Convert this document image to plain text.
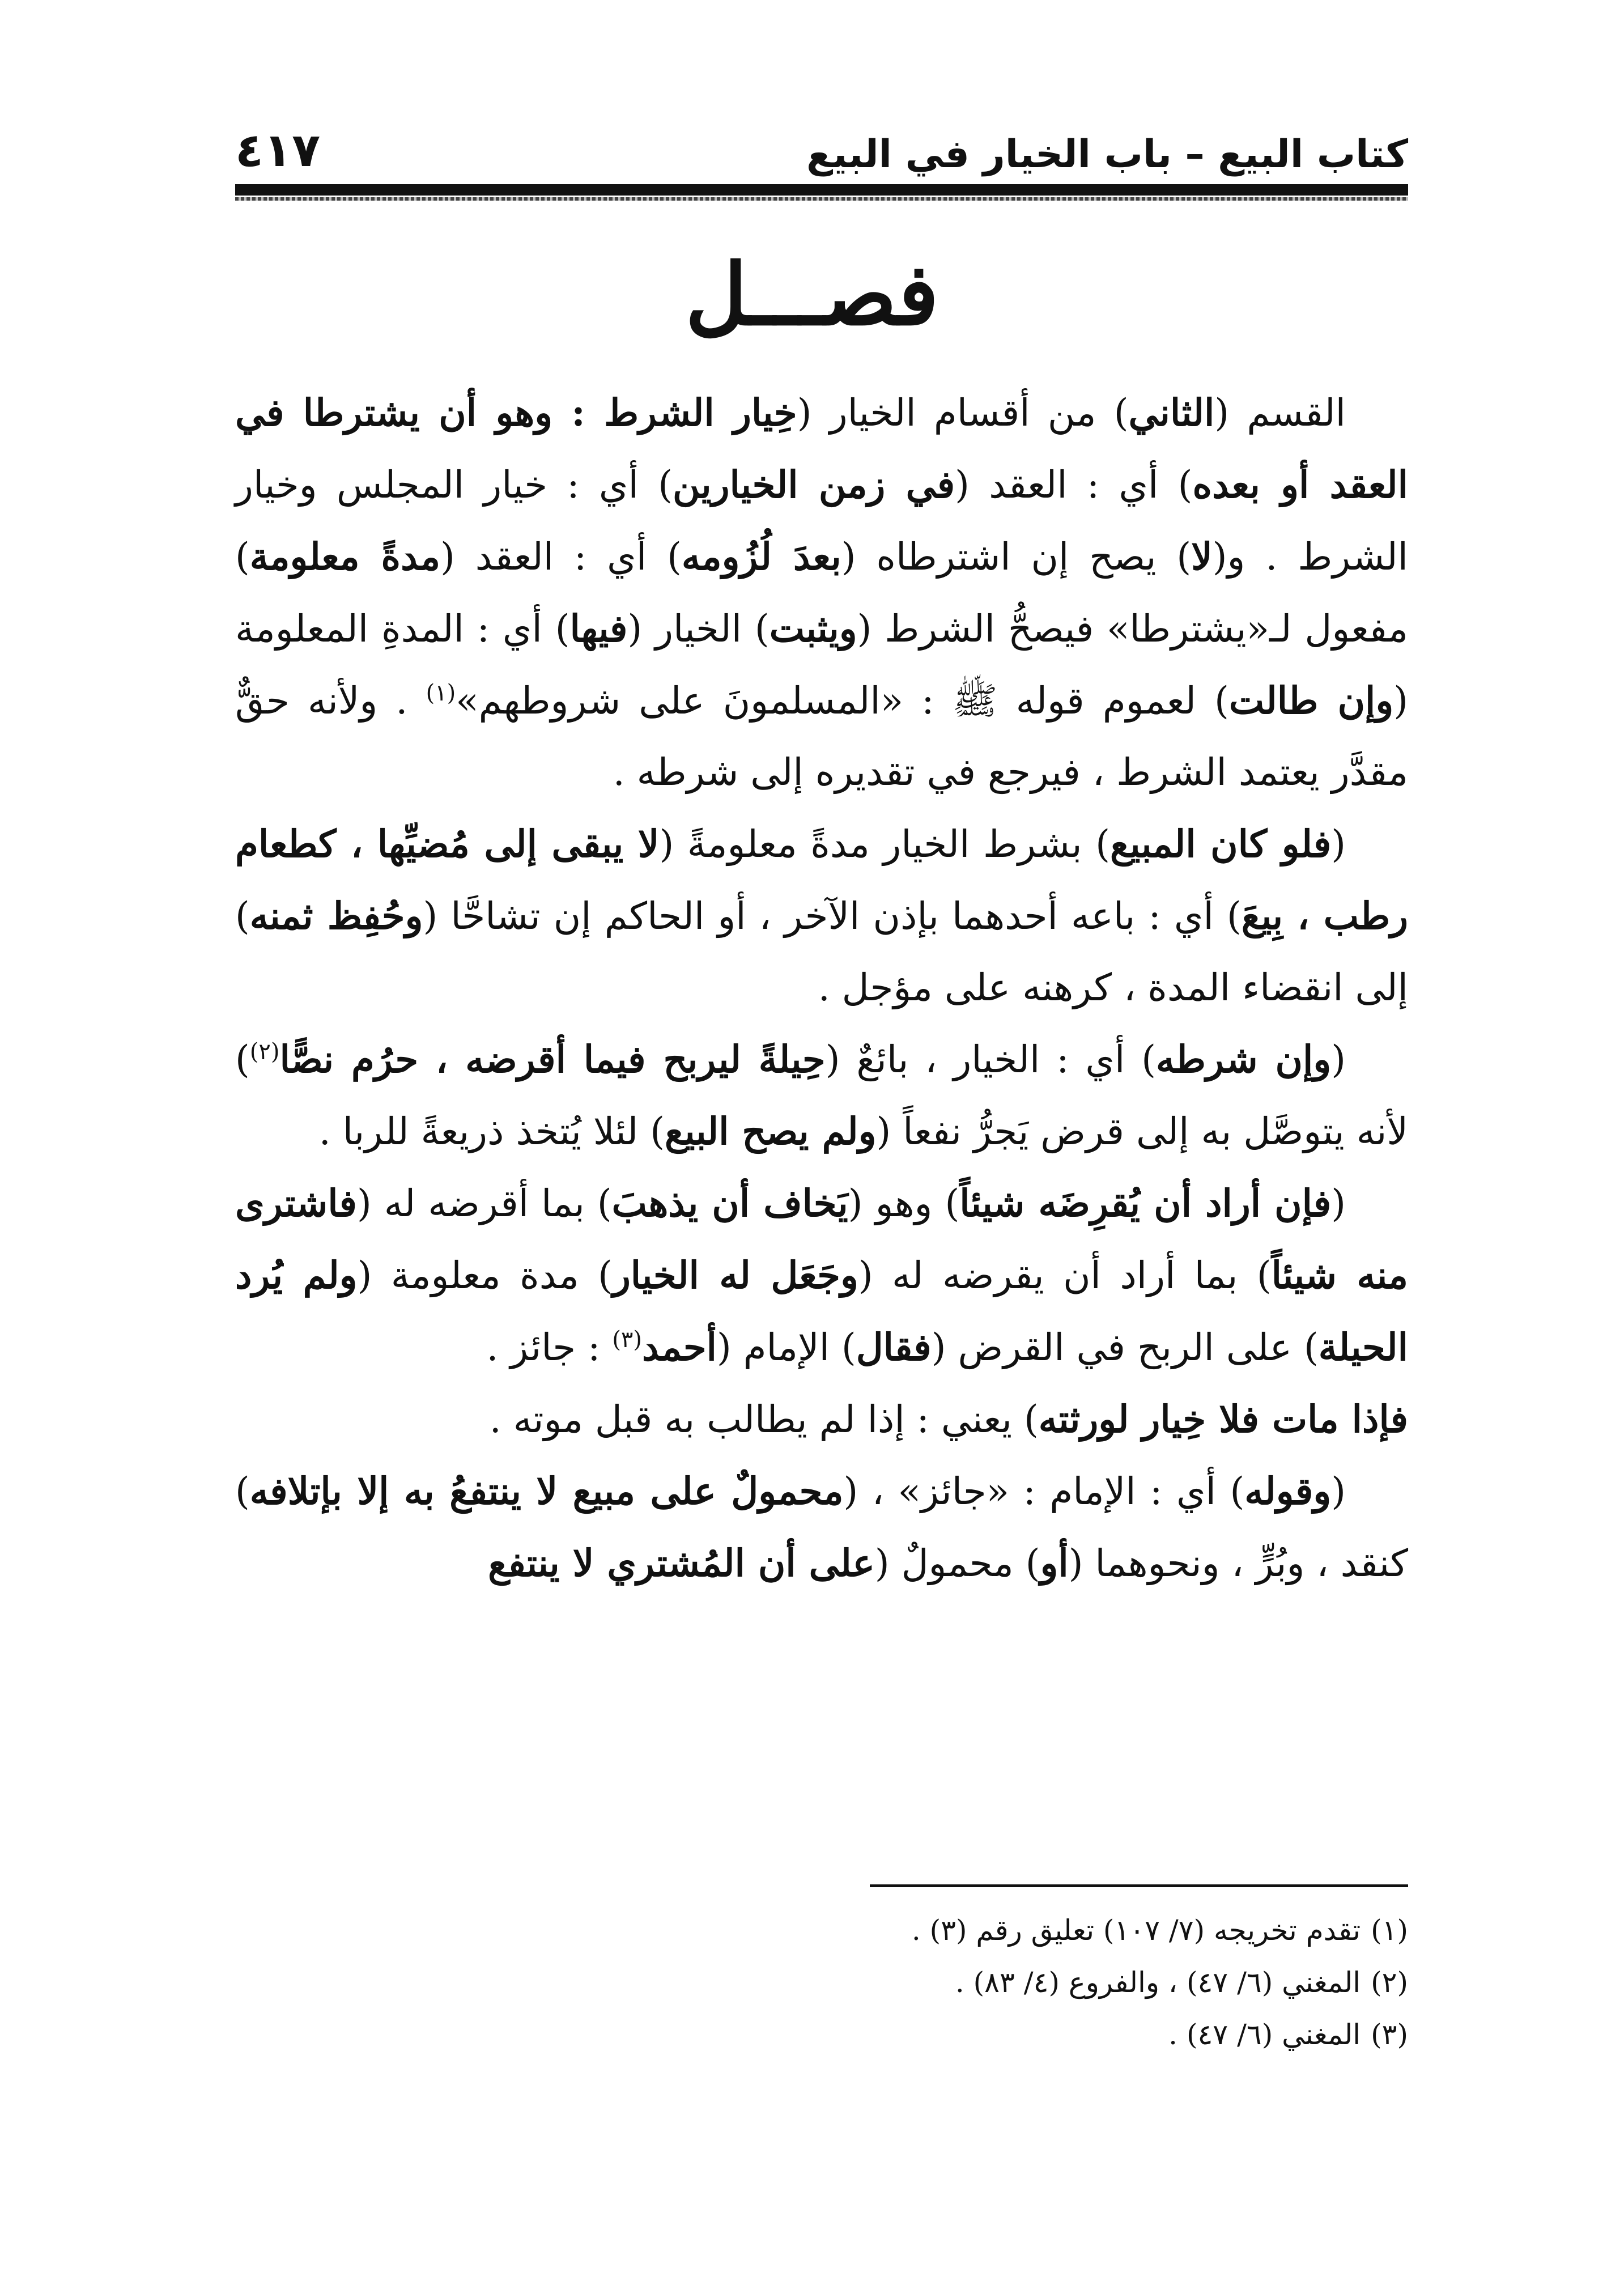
كتاب البيع – باب الخيار في البيع
٤١٧
فصـــل

القسم (الثاني) من أقسام الخيار (خِيار الشرط : وهو أن يشترطا في العقد أو بعده) أي : العقد (في زمن الخيارين) أي : خيار المجلس وخيار الشرط . و(لا) يصح إن اشترطاه (بعدَ لُزُومه) أي : العقد (مدةً معلومة) مفعول لـ«يشترطا» فيصحُّ الشرط (ويثبت) الخيار (فيها) أي : المدةِ المعلومة (وإن طالت) لعموم قوله ﷺ : «المسلمونَ على شروطهم»$^{(١)}$ . ولأنه حقٌّ مقدَّر يعتمد الشرط ، فيرجع في تقديره إلى شرطه .

(فلو كان المبيع) بشرط الخيار مدةً معلومةً (لا يبقى إلى مُضيِّها ، كطعام رطب ، بِيعَ) أي : باعه أحدهما بإذن الآخر ، أو الحاكم إن تشاحَّا (وحُفِظ ثمنه) إلى انقضاء المدة ، كرهنه على مؤجل .

(وإن شرطه) أي : الخيار ، بائعٌ (حِيلةً ليربح فيما أقرضه ، حرُم نصًّا$^{(٢)}$) لأنه يتوصَّل به إلى قرض يَجرُّ نفعاً (ولم يصح البيع) لئلا يُتخذ ذريعةً للربا .

(فإن أراد أن يُقرِضَه شيئاً) وهو (يَخاف أن يذهبَ) بما أقرضه له (فاشترى منه شيئاً) بما أراد أن يقرضه له (وجَعَل له الخيار) مدة معلومة (ولم يُرد الحيلة) على الربح في القرض (فقال) الإمام (أحمد$^{(٣)}$ : جائز .

فإذا مات فلا خِيار لورثته) يعني : إذا لم يطالب به قبل موته .

(وقوله) أي : الإمام : «جائز» ، (محمولٌ على مبيع لا ينتفعُ به إلا بإتلافه) كنقد ، وبُرٍّ ، ونحوهما (أو) محمولٌ (على أن المُشتري لا ينتفع

(١)تقدم تخريجه (٧/ ١٠٧) تعليق رقم (٣) .
(٢)المغني (٦/ ٤٧) ، والفروع (٤/ ٨٣) .
(٣)المغني (٦/ ٤٧) .
